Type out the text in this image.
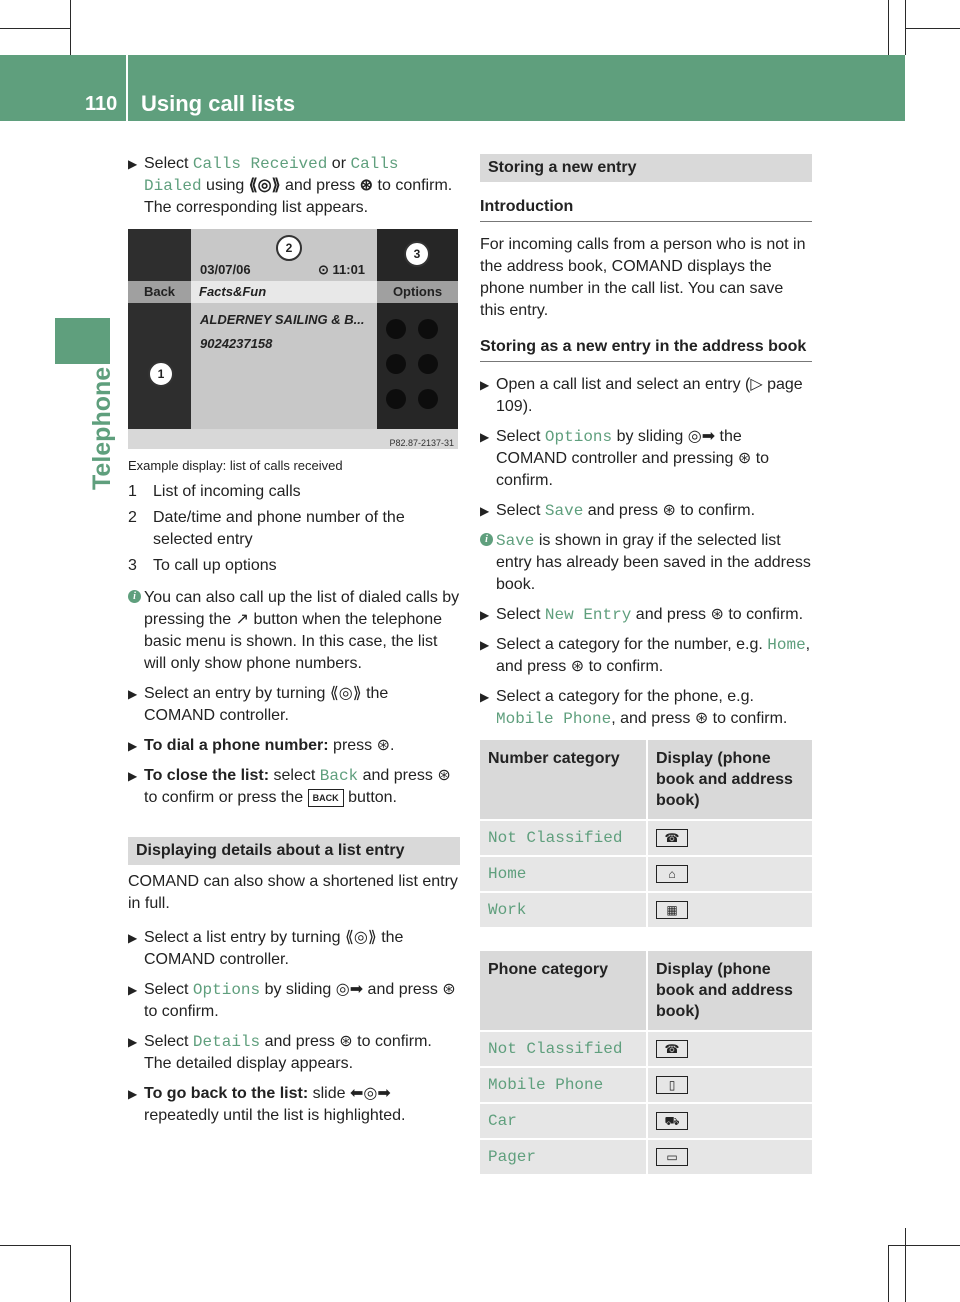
110 Using call lists
Telephone
▶ Select Calls Received or Calls Dialed using ⟪◎⟫ and press ⊛ to confirm.
The corresponding list appears.
03/07/06	⊙ 11:01
Back	Facts&Fun	Options
ALDERNEY SAILING & B...
9024237158
1
2	3
P82.87-2137-31
Example display: list of calls received
1 List of incoming calls
2 Date/time and phone number of the selected entry
3 To call up options
i You can also call up the list of dialed calls by pressing the ↗ button when the telephone basic menu is shown. In this case, the list will only show phone numbers.
▶ Select an entry by turning ⟪◎⟫ the COMAND controller.
▶ To dial a phone number: press ⊛.
▶ To close the list: select Back and press ⊛ to confirm or press the BACK button.
Displaying details about a list entry
COMAND can also show a shortened list entry in full.
▶ Select a list entry by turning ⟪◎⟫ the COMAND controller.
▶ Select Options by sliding ◎➡ and press ⊛ to confirm.
▶ Select Details and press ⊛ to confirm.
The detailed display appears.
▶ To go back to the list: slide ⬅◎➡ repeatedly until the list is highlighted.
Storing a new entry
Introduction
For incoming calls from a person who is not in the address book, COMAND displays the phone number in the call list. You can save this entry.
Storing as a new entry in the address book
▶ Open a call list and select an entry (▷ page 109).
▶ Select Options by sliding ◎➡ the COMAND controller and pressing ⊛ to confirm.
▶ Select Save and press ⊛ to confirm.
i Save is shown in gray if the selected list entry has already been saved in the address book.
▶ Select New Entry and press ⊛ to confirm.
▶ Select a category for the number, e.g. Home, and press ⊛ to confirm.
▶ Select a category for the phone, e.g. Mobile Phone, and press ⊛ to confirm.
Number category	Display (phone book and address book)
Not Classified	☎
Home	⌂
Work	▦
Phone category	Display (phone book and address book)
Not Classified	☎
Mobile Phone	▯
Car	⛟
Pager	▭
